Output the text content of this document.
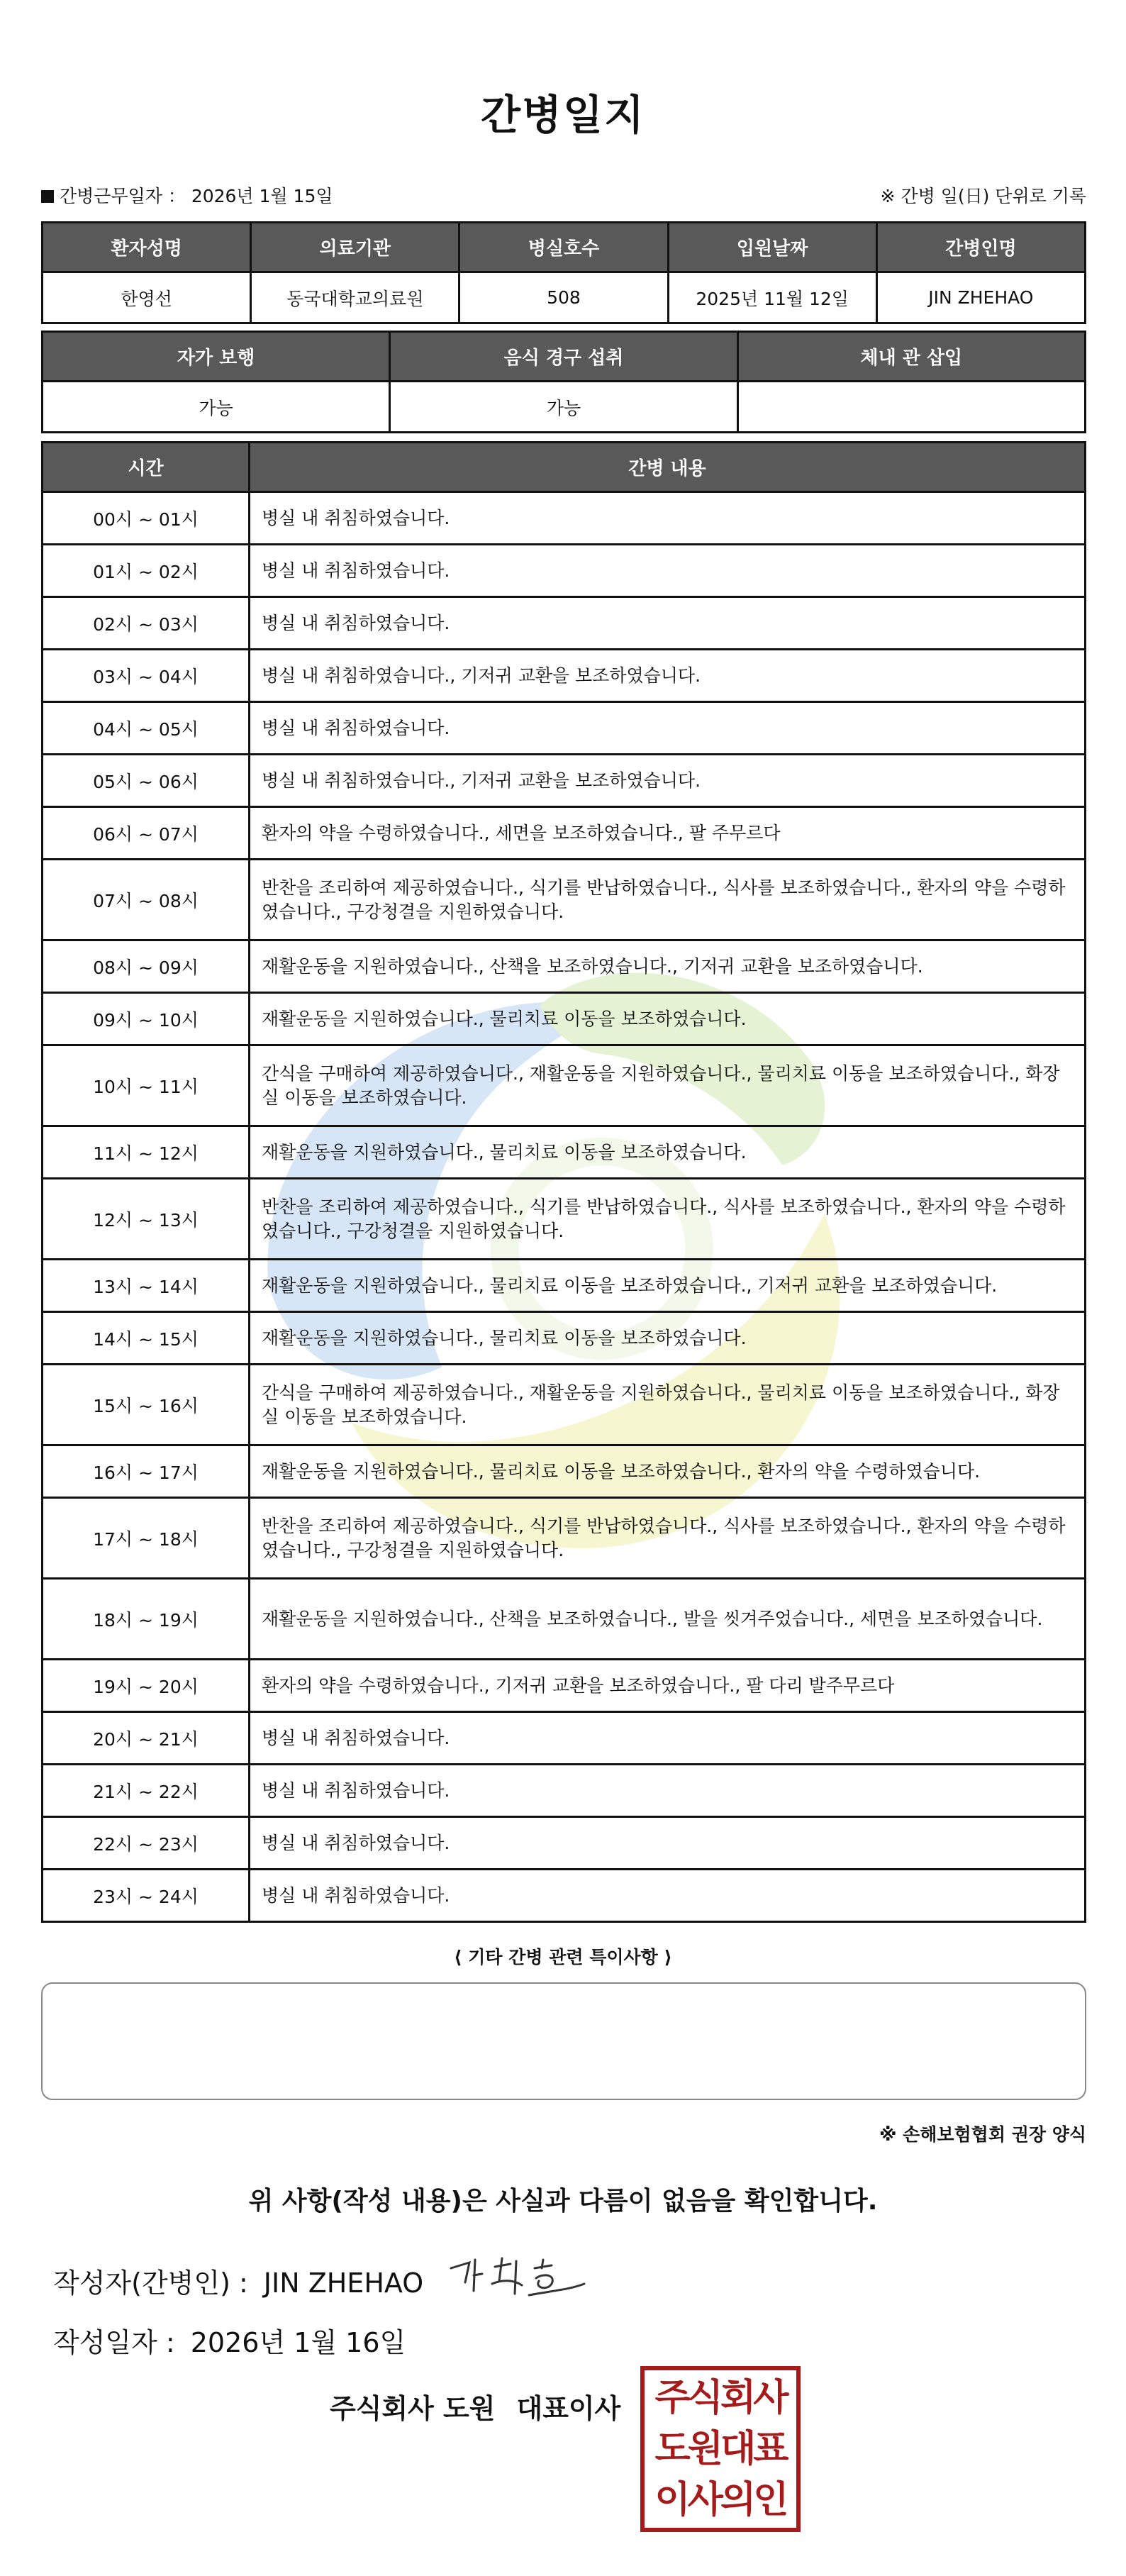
간병일지
간병근무일자 ： 2026년 1월 15일	※ 간병 일(日) 단위로 기록
환자성명	의료기관	병실호수	입원날짜	간병인명
한영선	동국대학교의료원	508	2025년 11월 12일	JIN ZHEHAO
자가 보행	음식 경구 섭취	체내 관 삽입
가능	가능	
시간	간병 내용
00시 ~ 01시	병실 내 취침하였습니다.
01시 ~ 02시	병실 내 취침하였습니다.
02시 ~ 03시	병실 내 취침하였습니다.
03시 ~ 04시	병실 내 취침하였습니다., 기저귀 교환을 보조하였습니다.
04시 ~ 05시	병실 내 취침하였습니다.
05시 ~ 06시	병실 내 취침하였습니다., 기저귀 교환을 보조하였습니다.
06시 ~ 07시	환자의 약을 수령하였습니다., 세면을 보조하였습니다., 팔 주무르다
07시 ~ 08시	반찬을 조리하여 제공하였습니다., 식기를 반납하였습니다., 식사를 보조하였습니다., 환자의 약을 수령하였습니다., 구강청결을 지원하였습니다.
08시 ~ 09시	재활운동을 지원하였습니다., 산책을 보조하였습니다., 기저귀 교환을 보조하였습니다.
09시 ~ 10시	재활운동을 지원하였습니다., 물리치료 이동을 보조하였습니다.
10시 ~ 11시	간식을 구매하여 제공하였습니다., 재활운동을 지원하였습니다., 물리치료 이동을 보조하였습니다., 화장실 이동을 보조하였습니다.
11시 ~ 12시	재활운동을 지원하였습니다., 물리치료 이동을 보조하였습니다.
12시 ~ 13시	반찬을 조리하여 제공하였습니다., 식기를 반납하였습니다., 식사를 보조하였습니다., 환자의 약을 수령하였습니다., 구강청결을 지원하였습니다.
13시 ~ 14시	재활운동을 지원하였습니다., 물리치료 이동을 보조하였습니다., 기저귀 교환을 보조하였습니다.
14시 ~ 15시	재활운동을 지원하였습니다., 물리치료 이동을 보조하였습니다.
15시 ~ 16시	간식을 구매하여 제공하였습니다., 재활운동을 지원하였습니다., 물리치료 이동을 보조하였습니다., 화장실 이동을 보조하였습니다.
16시 ~ 17시	재활운동을 지원하였습니다., 물리치료 이동을 보조하였습니다., 환자의 약을 수령하였습니다.
17시 ~ 18시	반찬을 조리하여 제공하였습니다., 식기를 반납하였습니다., 식사를 보조하였습니다., 환자의 약을 수령하였습니다., 구강청결을 지원하였습니다.
18시 ~ 19시	재활운동을 지원하였습니다., 산책을 보조하였습니다., 발을 씻겨주었습니다., 세면을 보조하였습니다.
19시 ~ 20시	환자의 약을 수령하였습니다., 기저귀 교환을 보조하였습니다., 팔 다리 발주무르다
20시 ~ 21시	병실 내 취침하였습니다.
21시 ~ 22시	병실 내 취침하였습니다.
22시 ~ 23시	병실 내 취침하였습니다.
23시 ~ 24시	병실 내 취침하였습니다.
⟨ 기타 간병 관련 특이사항 ⟩
※ 손해보험협회 권장 양식
위 사항(작성 내용)은 사실과 다름이 없음을 확인합니다.
작성자(간병인) : JIN ZHEHAO
작성일자 : 2026년 1월 16일
주식회사 도원 대표이사 주식회사
도원대표
이사의인
